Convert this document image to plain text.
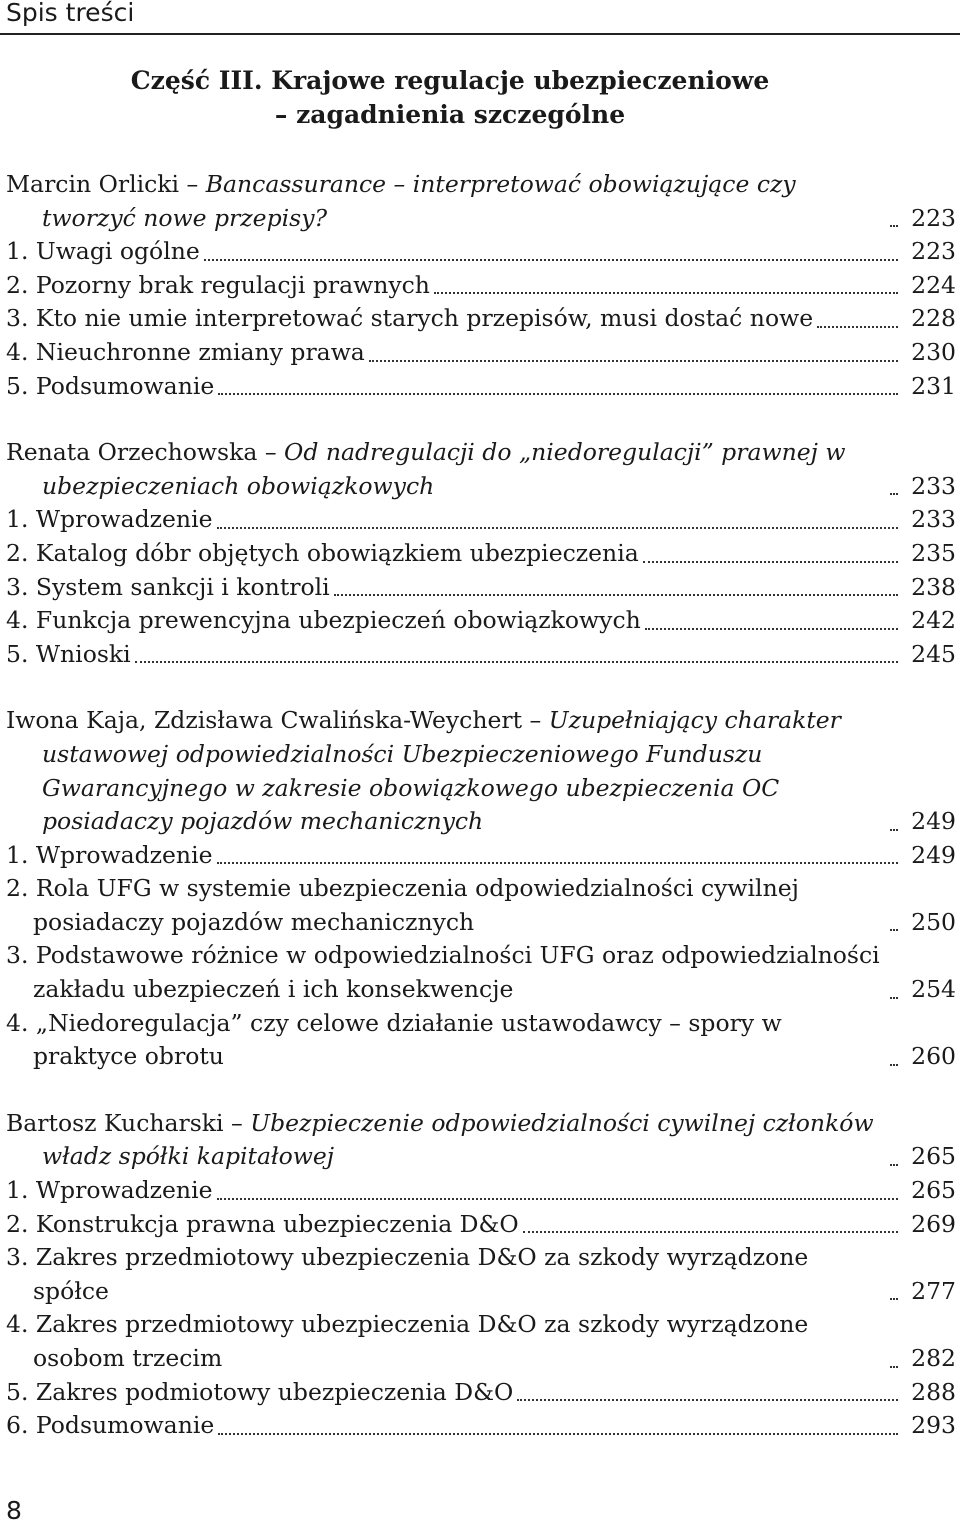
Spis treści
Część III. Krajowe regulacje ubezpieczeniowe
– zagadnienia szczególne
Marcin Orlicki – Bancassurance – interpretować obowiązujące czy tworzyć nowe przepisy?	223
1. Uwagi ogólne	223
2. Pozorny brak regulacji prawnych	224
3. Kto nie umie interpretować starych przepisów, musi dostać nowe	228
4. Nieuchronne zmiany prawa	230
5. Podsumowanie	231
Renata Orzechowska – Od nadregulacji do „niedoregulacji” prawnej w ubezpieczeniach obowiązkowych	233
1. Wprowadzenie	233
2. Katalog dóbr objętych obowiązkiem ubezpieczenia	235
3. System sankcji i kontroli	238
4. Funkcja prewencyjna ubezpieczeń obowiązkowych	242
5. Wnioski	245
Iwona Kaja, Zdzisława Cwalińska-Weychert – Uzupełniający charakter ustawowej odpowiedzialności Ubezpieczeniowego Funduszu Gwarancyjnego w zakresie obowiązkowego ubezpieczenia OC posiadaczy pojazdów mechanicznych	249
1. Wprowadzenie	249
2. Rola UFG w systemie ubezpieczenia odpowiedzialności cywilnej posiadaczy pojazdów mechanicznych	250
3. Podstawowe różnice w odpowiedzialności UFG oraz odpowiedzialności zakładu ubezpieczeń i ich konsekwencje	254
4. „Niedoregulacja” czy celowe działanie ustawodawcy – spory w praktyce obrotu	260
Bartosz Kucharski – Ubezpieczenie odpowiedzialności cywilnej członków władz spółki kapitałowej	265
1. Wprowadzenie	265
2. Konstrukcja prawna ubezpieczenia D&O	269
3. Zakres przedmiotowy ubezpieczenia D&O za szkody wyrządzone spółce	277
4. Zakres przedmiotowy ubezpieczenia D&O za szkody wyrządzone osobom trzecim	282
5. Zakres podmiotowy ubezpieczenia D&O	288
6. Podsumowanie	293
8
